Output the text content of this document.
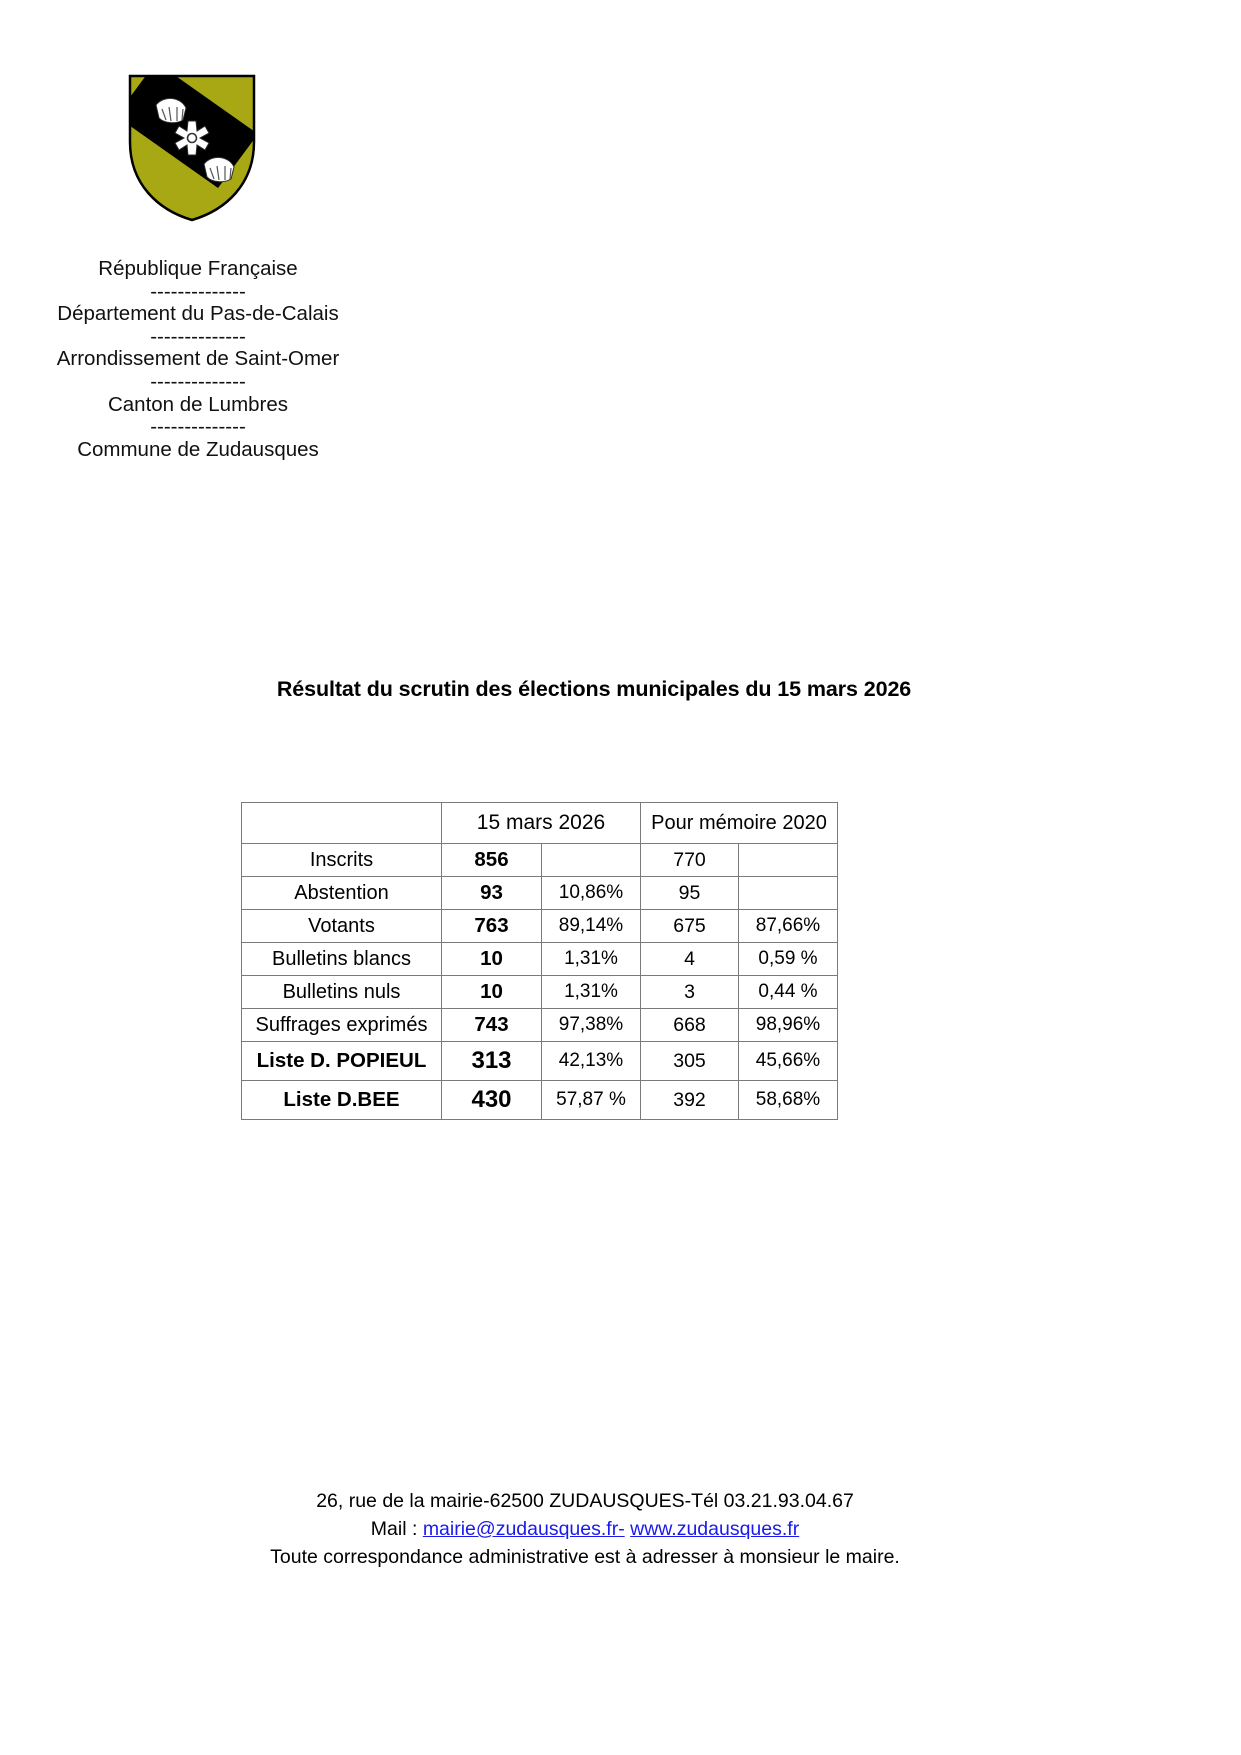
République Française
--------------
Département du Pas-de-Calais
--------------
Arrondissement de Saint-Omer
--------------
Canton de Lumbres
--------------
Commune de Zudausques
Résultat du scrutin des élections municipales du 15 mars 2026
	15 mars 2026		Pour mémoire 2020	
Inscrits	856		770	
Abstention	93	10,86%	95	
Votants	763	89,14%	675	87,66%
Bulletins blancs	10	1,31%	4	0,59 %
Bulletins nuls	10	1,31%	3	0,44 %
Suffrages exprimés	743	97,38%	668	98,96%
Liste D. POPIEUL	313	42,13%	305	45,66%
Liste D.BEE	430	57,87 %	392	58,68%
26, rue de la mairie-62500 ZUDAUSQUES-Tél 03.21.93.04.67
Mail : mairie@zudausques.fr- www.zudausques.fr
Toute correspondance administrative est à adresser à monsieur le maire.
